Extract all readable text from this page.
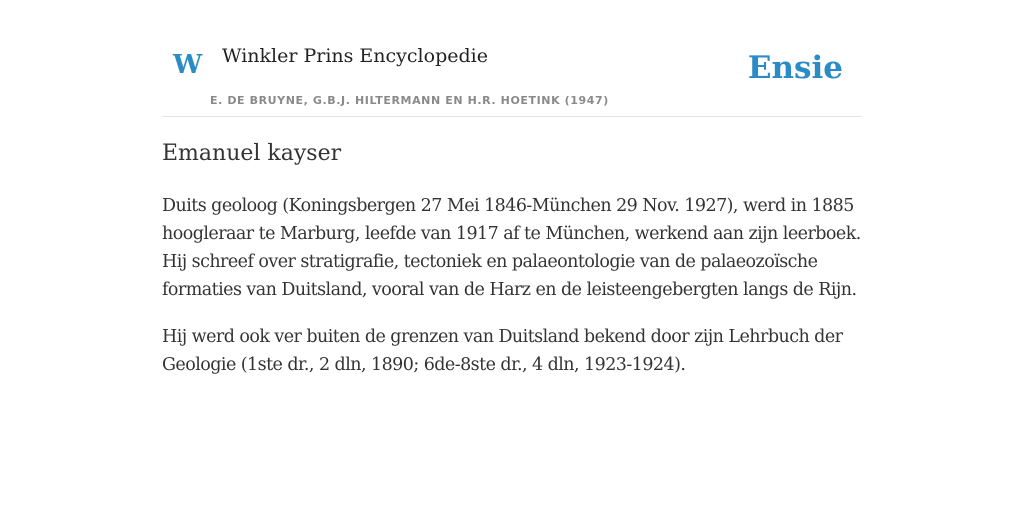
W Winkler Prins Encyclopedie	Ensie
E. DE BRUYNE, G.B.J. HILTERMANN EN H.R. HOETINK (1947)
Emanuel kayser

Duits geoloog (Koningsbergen 27 Mei 1846-München 29 Nov. 1927), werd in 1885 hoogleraar te Marburg, leefde van 1917 af te München, werkend aan zijn leerboek. Hij schreef over stratigrafie, tectoniek en palaeontologie van de palaeozoïsche formaties van Duitsland, vooral van de Harz en de leisteengebergten langs de Rijn.

Hij werd ook ver buiten de grenzen van Duitsland bekend door zijn Lehrbuch der Geologie (1ste dr., 2 dln, 1890; 6de-8ste dr., 4 dln, 1923-1924).
